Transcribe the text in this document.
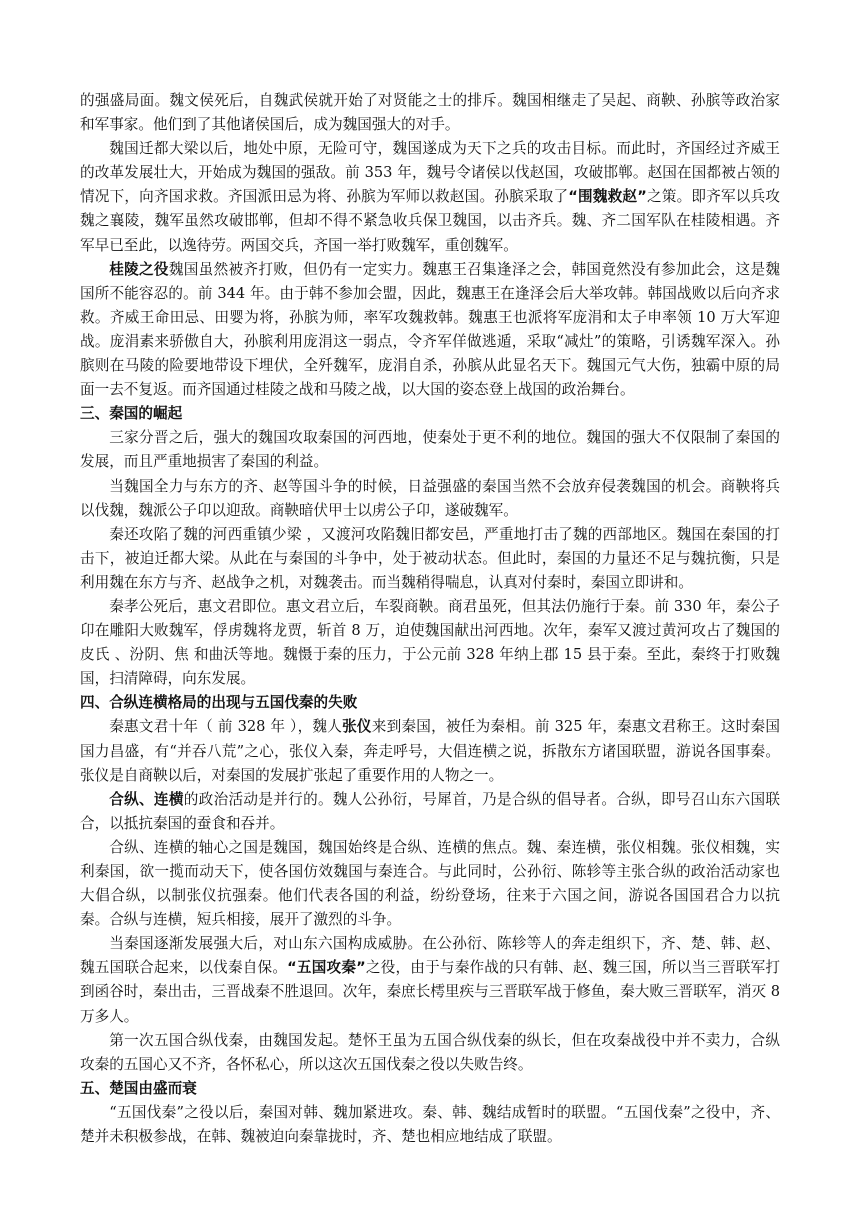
的强盛局面。魏文侯死后，自魏武侯就开始了对贤能之士的排斥。魏国相继走了吴起、商鞅、孙膑等政治家和军事家。他们到了其他诸侯国后，成为魏国强大的对手。

魏国迁都大梁以后，地处中原，无险可守，魏国遂成为天下之兵的攻击目标。而此时，齐国经过齐威王的改革发展壮大，开始成为魏国的强敌。前 353 年，魏号令诸侯以伐赵国，攻破邯郸。赵国在国都被占领的情况下，向齐国求救。齐国派田忌为将、孙膑为军师以救赵国。孙膑采取了“围魏救赵”之策。即齐军以兵攻魏之襄陵，魏军虽然攻破邯郸，但却不得不紧急收兵保卫魏国，以击齐兵。魏、齐二国军队在桂陵相遇。齐军早已至此，以逸待劳。两国交兵，齐国一举打败魏军，重创魏军。

桂陵之役魏国虽然被齐打败，但仍有一定实力。魏惠王召集逢泽之会，韩国竟然没有参加此会，这是魏国所不能容忍的。前 344 年。由于韩不参加会盟，因此，魏惠王在逢泽会后大举攻韩。韩国战败以后向齐求救。齐威王命田忌、田婴为将，孙膑为师，率军攻魏救韩。魏惠王也派将军庞涓和太子申率领 10 万大军迎战。庞涓素来骄傲自大，孙膑利用庞涓这一弱点，令齐军佯做逃遁，采取“减灶”的策略，引诱魏军深入。孙膑则在马陵的险要地带设下埋伏，全歼魏军，庞涓自杀，孙膑从此显名天下。魏国元气大伤，独霸中原的局面一去不复返。而齐国通过桂陵之战和马陵之战，以大国的姿态登上战国的政治舞台。

三、秦国的崛起

三家分晋之后，强大的魏国攻取秦国的河西地，使秦处于更不利的地位。魏国的强大不仅限制了秦国的发展，而且严重地损害了秦国的利益。

当魏国全力与东方的齐、赵等国斗争的时候，日益强盛的秦国当然不会放弃侵袭魏国的机会。商鞅将兵以伐魏，魏派公子卬以迎敌。商鞅暗伏甲士以虏公子卬，遂破魏军。

秦还攻陷了魏的河西重镇少梁 ，又渡河攻陷魏旧都安邑，严重地打击了魏的西部地区。魏国在秦国的打击下，被迫迁都大梁。从此在与秦国的斗争中，处于被动状态。但此时，秦国的力量还不足与魏抗衡，只是利用魏在东方与齐、赵战争之机，对魏袭击。而当魏稍得喘息，认真对付秦时，秦国立即讲和。

秦孝公死后，惠文君即位。惠文君立后，车裂商鞅。商君虽死，但其法仍施行于秦。前 330 年，秦公子卬在雕阳大败魏军，俘虏魏将龙贾，斩首 8 万，迫使魏国献出河西地。次年，秦军又渡过黄河攻占了魏国的皮氏 、汾阴、焦 和曲沃等地。魏慑于秦的压力，于公元前 328 年纳上郡 15 县于秦。至此，秦终于打败魏国，扫清障碍，向东发展。

四、合纵连横格局的出现与五国伐秦的失败

秦惠文君十年（ 前 328 年 ），魏人张仪来到秦国，被任为秦相。前 325 年，秦惠文君称王。这时秦国国力昌盛，有“并吞八荒”之心，张仪入秦，奔走呼号，大倡连横之说，拆散东方诸国联盟，游说各国事秦。张仪是自商鞅以后，对秦国的发展扩张起了重要作用的人物之一。

合纵、连横的政治活动是并行的。魏人公孙衍，号犀首，乃是合纵的倡导者。合纵，即号召山东六国联合，以抵抗秦国的蚕食和吞并。

合纵、连横的轴心之国是魏国，魏国始终是合纵、连横的焦点。魏、秦连横，张仪相魏。张仪相魏，实利秦国，欲一揽而动天下，使各国仿效魏国与秦连合。与此同时，公孙衍、陈轸等主张合纵的政治活动家也大倡合纵，以制张仪抗强秦。他们代表各国的利益，纷纷登场，往来于六国之间，游说各国国君合力以抗秦。合纵与连横，短兵相接，展开了激烈的斗争。

当秦国逐渐发展强大后，对山东六国构成威胁。在公孙衍、陈轸等人的奔走组织下，齐、楚、韩、赵、魏五国联合起来，以伐秦自保。“五国攻秦”之役，由于与秦作战的只有韩、赵、魏三国，所以当三晋联军打到函谷时，秦出击，三晋战秦不胜退回。次年，秦庶长樗里疾与三晋联军战于修鱼，秦大败三晋联军，消灭 8 万多人。

第一次五国合纵伐秦，由魏国发起。楚怀王虽为五国合纵伐秦的纵长，但在攻秦战役中并不卖力，合纵攻秦的五国心又不齐，各怀私心，所以这次五国伐秦之役以失败告终。

五、楚国由盛而衰

“五国伐秦”之役以后，秦国对韩、魏加紧进攻。秦、韩、魏结成暂时的联盟。“五国伐秦”之役中，齐、楚并未积极参战，在韩、魏被迫向秦靠拢时，齐、楚也相应地结成了联盟。
